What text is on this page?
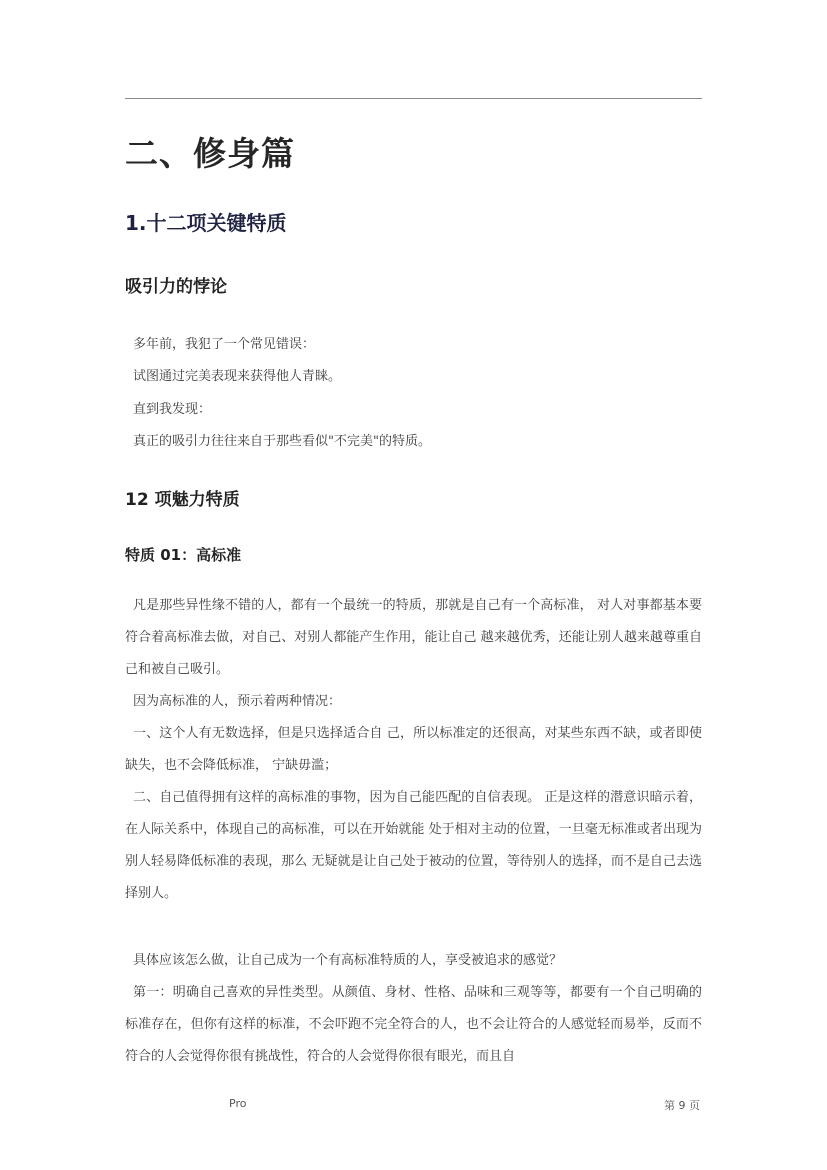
二、修身篇
1.十二项关键特质
吸引力的悖论

多年前，我犯了一个常见错误：

试图通过完美表现来获得他人青睐。

直到我发现：

真正的吸引力往往来自于那些看似"不完美"的特质。

12 项魅力特质
特质 01：高标准

凡是那些异性缘不错的人，都有一个最统一的特质，那就是自己有一个高标准， 对人对事都基本要符合着高标准去做，对自己、对别人都能产生作用，能让自己 越来越优秀，还能让别人越来越尊重自己和被自己吸引。

因为高标准的人，预示着两种情况：

一、这个人有无数选择，但是只选择适合自 己，所以标准定的还很高，对某些东西不缺，或者即使缺失，也不会降低标准， 宁缺毋滥；

二、自己值得拥有这样的高标准的事物，因为自己能匹配的自信表现。 正是这样的潜意识暗示着，在人际关系中，体现自己的高标准，可以在开始就能 处于相对主动的位置，一旦毫无标准或者出现为别人轻易降低标准的表现，那么 无疑就是让自己处于被动的位置，等待别人的选择，而不是自己去选择别人。

具体应该怎么做，让自己成为一个有高标准特质的人，享受被追求的感觉？

第一：明确自己喜欢的异性类型。从颜值、身材、性格、品味和三观等等，都要有一个自己明确的标准存在，但你有这样的标准，不会吓跑不完全符合的人，也不会让符合的人感觉轻而易举，反而不符合的人会觉得你很有挑战性，符合的人会觉得你很有眼光，而且自

Pro	第 9 页
